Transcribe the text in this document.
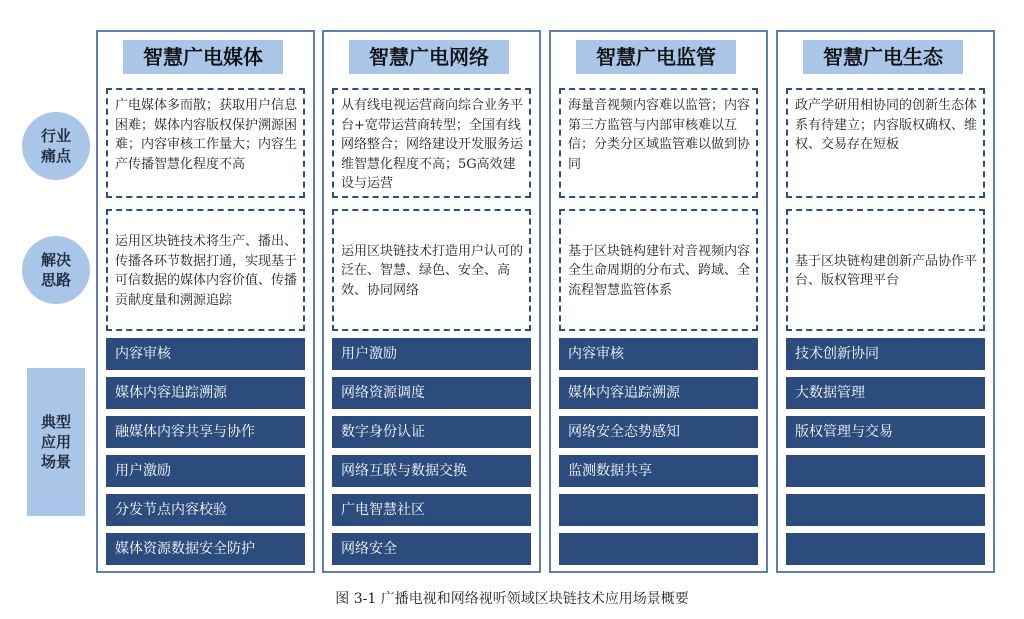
行业
痛点
解决
思路
典型
应用
场景
智慧广电媒体
广电媒体多而散；获取用户信息困难；媒体内容版权保护溯源困难；内容审核工作量大；内容生产传播智慧化程度不高
运用区块链技术将生产、播出、传播各环节数据打通，实现基于可信数据的媒体内容价值、传播贡献度量和溯源追踪
内容审核
媒体内容追踪溯源
融媒体内容共享与协作
用户激励
分发节点内容校验
媒体资源数据安全防护
智慧广电网络
从有线电视运营商向综合业务平台+宽带运营商转型；全国有线网络整合；网络建设开发服务运维智慧化程度不高；5G高效建设与运营
运用区块链技术打造用户认可的泛在、智慧、绿色、安全、高效、协同网络
用户激励
网络资源调度
数字身份认证
网络互联与数据交换
广电智慧社区
网络安全
智慧广电监管
海量音视频内容难以监管；内容第三方监管与内部审核难以互信；分类分区域监管难以做到协同
基于区块链构建针对音视频内容全生命周期的分布式、跨域、全流程智慧监管体系
内容审核
媒体内容追踪溯源
网络安全态势感知
监测数据共享
智慧广电生态
政产学研用相协同的创新生态体系有待建立；内容版权确权、维权、交易存在短板
基于区块链构建创新产品协作平台、版权管理平台
技术创新协同
大数据管理
版权管理与交易
图 3-1 广播电视和网络视听领域区块链技术应用场景概要
